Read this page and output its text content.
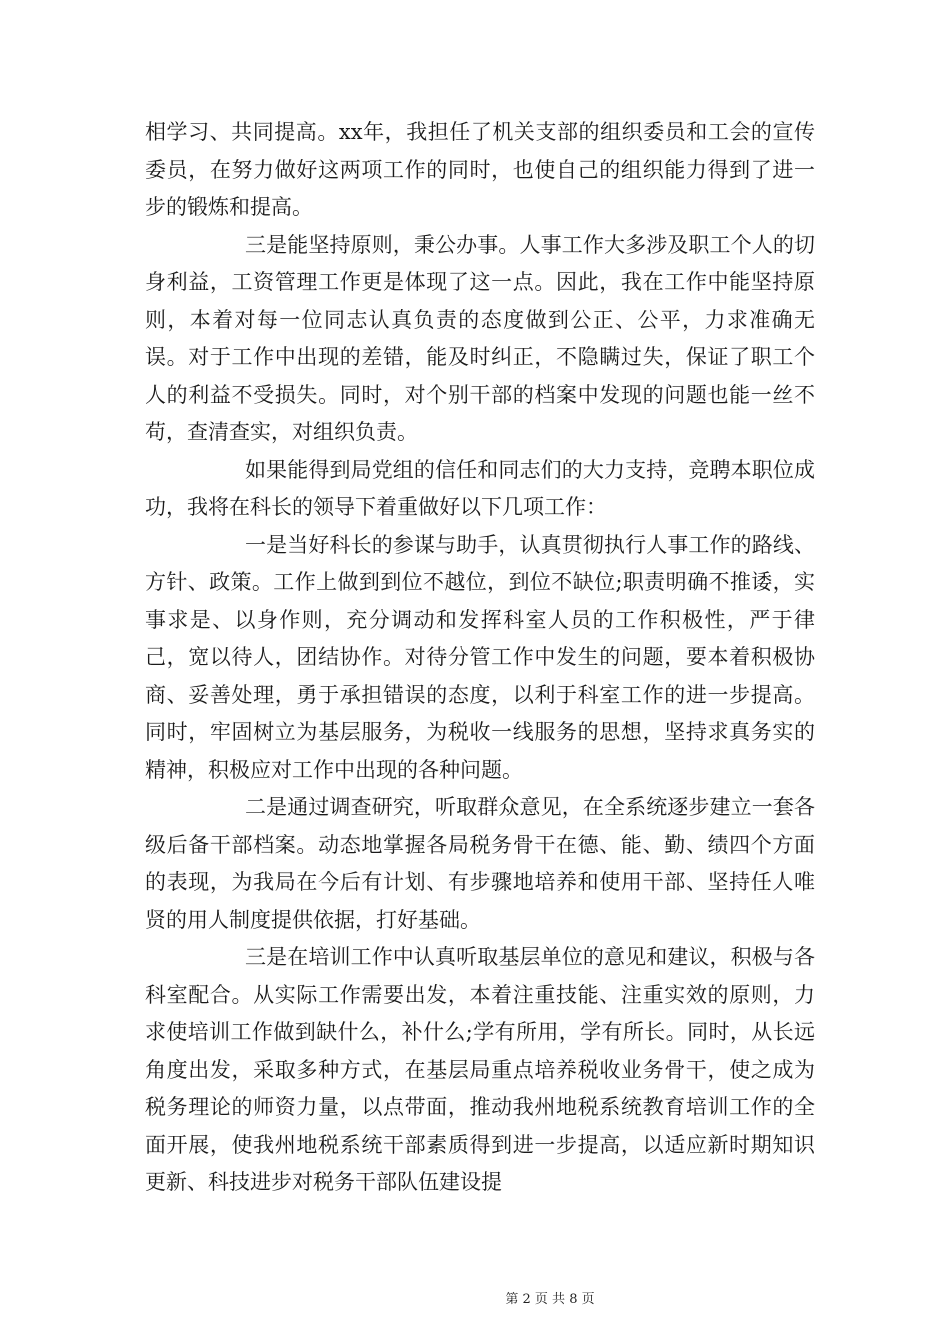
相学习、共同提高。xx年，我担任了机关支部的组织委员和工会的宣传委员，在努力做好这两项工作的同时，也使自己的组织能力得到了进一步的锻炼和提高。

三是能坚持原则，秉公办事。人事工作大多涉及职工个人的切身利益，工资管理工作更是体现了这一点。因此，我在工作中能坚持原则，本着对每一位同志认真负责的态度做到公正、公平，力求准确无误。对于工作中出现的差错，能及时纠正，不隐瞒过失，保证了职工个人的利益不受损失。同时，对个别干部的档案中发现的问题也能一丝不苟，查清查实，对组织负责。

如果能得到局党组的信任和同志们的大力支持，竞聘本职位成功，我将在科长的领导下着重做好以下几项工作：

一是当好科长的参谋与助手，认真贯彻执行人事工作的路线、方针、政策。工作上做到到位不越位，到位不缺位;职责明确不推诿，实事求是、以身作则，充分调动和发挥科室人员的工作积极性，严于律己，宽以待人，团结协作。对待分管工作中发生的问题，要本着积极协商、妥善处理，勇于承担错误的态度，以利于科室工作的进一步提高。同时，牢固树立为基层服务，为税收一线服务的思想，坚持求真务实的精神，积极应对工作中出现的各种问题。

二是通过调查研究，听取群众意见，在全系统逐步建立一套各级后备干部档案。动态地掌握各局税务骨干在德、能、勤、绩四个方面的表现，为我局在今后有计划、有步骤地培养和使用干部、坚持任人唯贤的用人制度提供依据，打好基础。

三是在培训工作中认真听取基层单位的意见和建议，积极与各科室配合。从实际工作需要出发，本着注重技能、注重实效的原则，力求使培训工作做到缺什么，补什么;学有所用，学有所长。同时，从长远角度出发，采取多种方式，在基层局重点培养税收业务骨干，使之成为税务理论的师资力量，以点带面，推动我州地税系统教育培训工作的全面开展，使我州地税系统干部素质得到进一步提高，以适应新时期知识更新、科技进步对税务干部队伍建设提

第 2 页 共 8 页
